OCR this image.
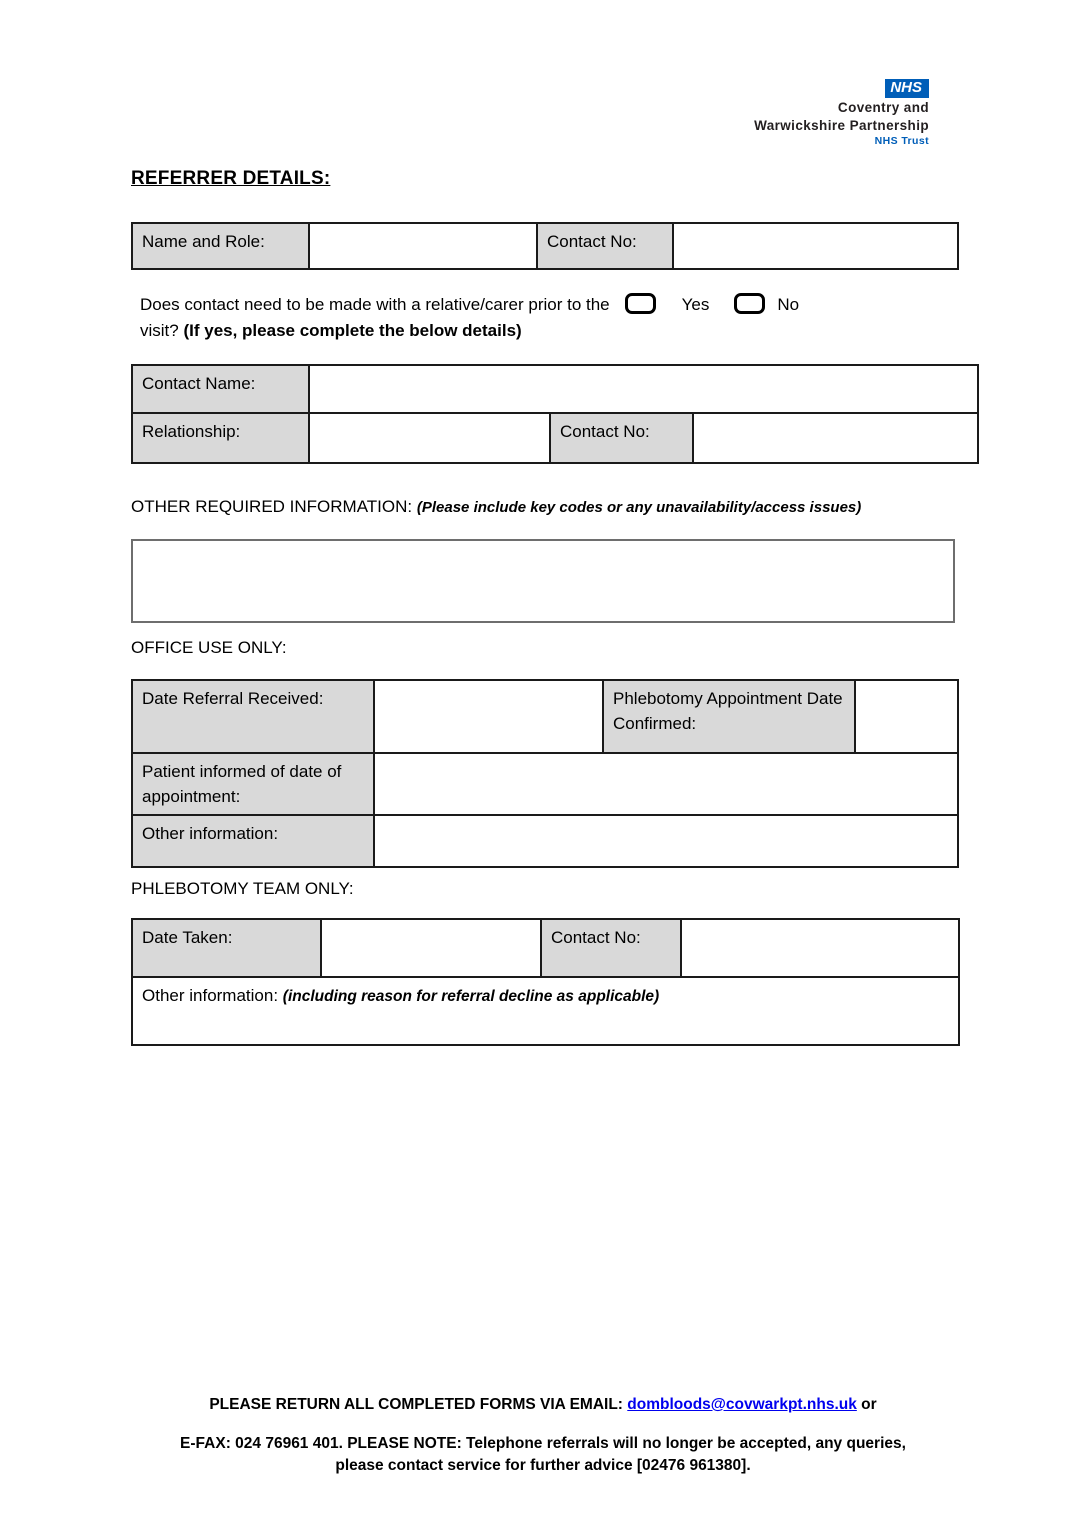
NHS
Coventry and
Warwickshire Partnership
NHS Trust
REFERRER DETAILS:
Name and Role:		Contact No:	
Does contact need to be made with a relative/carer prior to the	Yes	No
visit? (If yes, please complete the below details)
Contact Name:			
Relationship:		Contact No:	
OTHER REQUIRED INFORMATION: (Please include key codes or any unavailability/access issues)
OFFICE USE ONLY:
Date Referral Received:		Phlebotomy Appointment Date Confirmed:	
Patient informed of date of appointment:			
Other information:			
PHLEBOTOMY TEAM ONLY:
Date Taken:		Contact No:	
Other information: (including reason for referral decline as applicable)
PLEASE RETURN ALL COMPLETED FORMS VIA EMAIL: dombloods@covwarkpt.nhs.uk or
E-FAX: 024 76961 401. PLEASE NOTE: Telephone referrals will no longer be accepted, any queries,
please contact service for further advice [02476 961380].
